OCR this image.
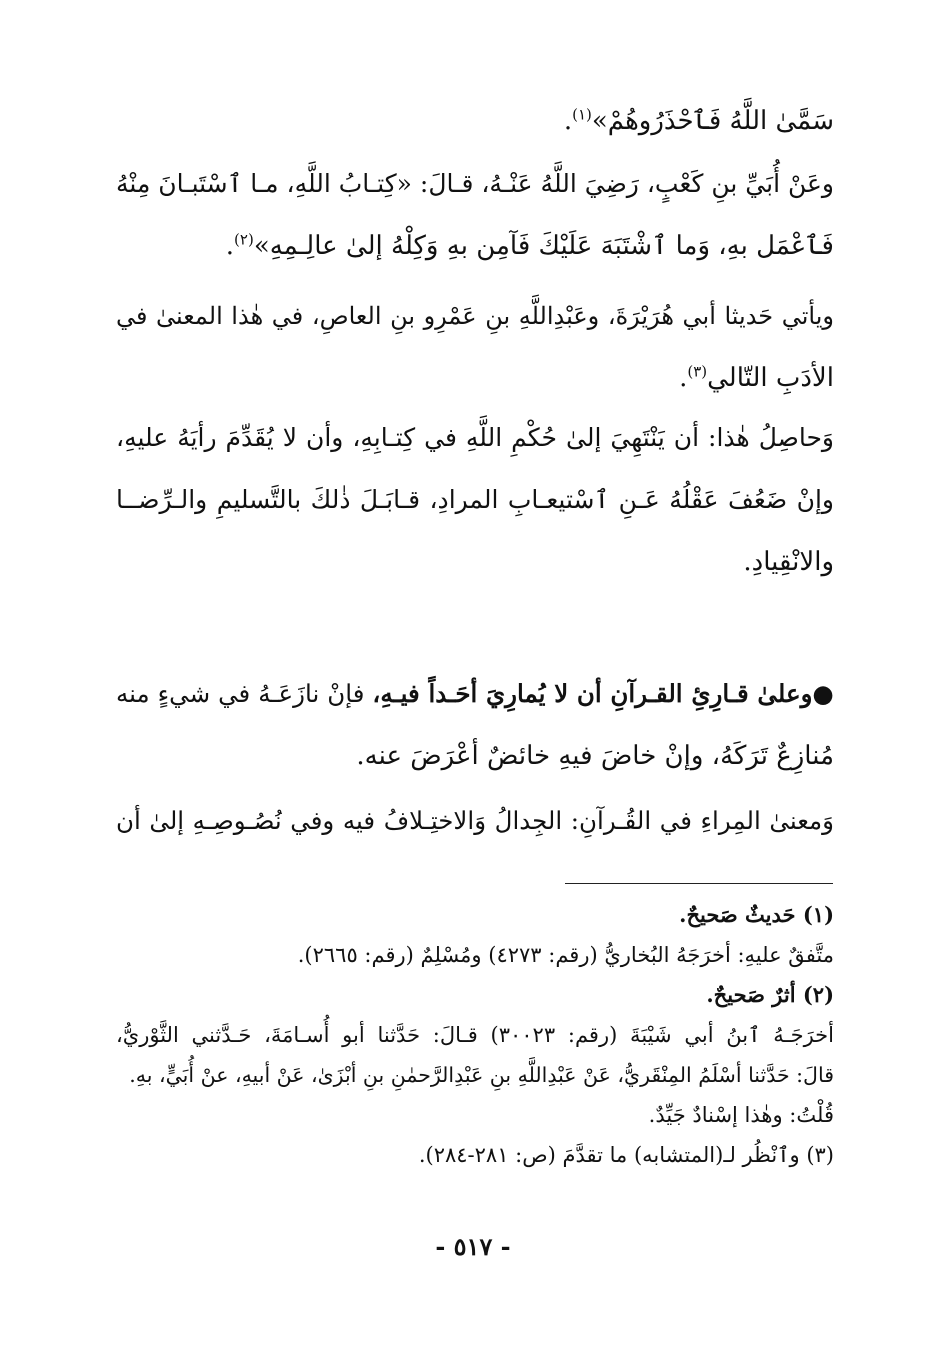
سَمَّىٰ اللَّهُ فَٱحْذَرُوهُمْ»$^{(١)}$.
وعَنْ أُبَيِّ بنِ كَعْبٍ، رَضِيَ اللَّهُ عَنْـهُ، قـالَ: «كِتـابُ اللَّهِ، مـا ٱسْتَبـانَ مِنْهُ
فَٱعْمَل بهِ، وَما ٱشْتَبَهَ عَلَيْكَ فَآمِن بهِ وَكِلْهُ إلىٰ عالِـمِهِ»$^{(٢)}$.
ويأتي حَديثا أبي هُرَيْرَةَ، وعَبْدِاللَّهِ بنِ عَمْرِو بنِ العاصِ، في هٰذا المعنىٰ في
الأدَبِ التّالي$^{(٣)}$.
وَحاصِلُ هٰذا: أن يَنْتَهِيَ إلىٰ حُكْمِ اللَّهِ في كِتـابِهِ، وأن لا يُقَدِّمَ رأيَهُ عليهِ،
وإنْ ضَعُفَ عَقْلُهُ عَـنِ ٱسْتيعـابِ المرادِ، قـابَـلَ ذٰلكَ بالتَّسليمِ والـرِّضــا
والانْقِيادِ.
●وعلىٰ قـارِئِ القـرآنِ أن لا يُمارِيَ أحَـداً فيـهِ، فإنْ نازَعَـهُ في شيءٍ منه
مُنازِعٌ تَرَكَهُ، وإنْ خاضَ فيهِ خائضٌ أعْرَضَ عنه.
وَمعنىٰ المِراءِ في القُـرآنِ: الجِدالُ وَالاختِـلافُ فيه وفي نُصُـوصِـهِ إلىٰ أن
(١) حَديثٌ صَحيحٌ.
متَّفقٌ عليهِ: أخرَجَهُ البُخاريُّ (رقم: ٤٢٧٣) ومُسْلِمٌ (رقم: ٢٦٦٥).
(٢) أثرٌ صَحيحٌ.
أخرَجَـهُ ٱبنُ أبي شَيْبَةَ (رقم: ٣٠٠٢٣) قـالَ: حَدَّثنا أبو أُسـامَةَ، حَـدَّثني الثَّوْريُّ،
قالَ: حَدَّثنا أسْلَمُ المِنْقَريُّ، عَنْ عَبْدِاللَّهِ بنِ عَبْدِالرَّحمٰنِ بنِ أبْزَىٰ، عَنْ أبيهِ، عنْ أُبَيٍّ، بهِ.
قُلْتُ: وهٰذا إسْنادٌ جَيِّدٌ.
(٣) وٱنْظُر لـ(المتشابه) ما تقدَّمَ (ص: ٢٨١-٢٨٤).
- ٥١٧ -
